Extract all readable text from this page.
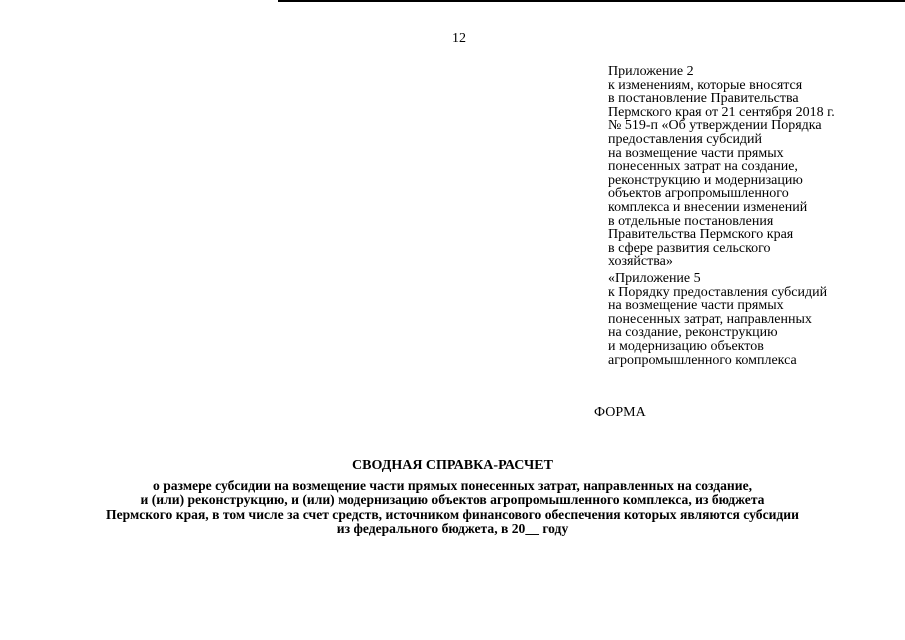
12
Приложение 2
к изменениям, которые вносятся
в постановление Правительства
Пермского края от 21 сентября 2018 г.
№ 519-п «Об утверждении Порядка
предоставления субсидий
на возмещение части прямых
понесенных затрат на создание,
реконструкцию и модернизацию
объектов агропромышленного
комплекса и внесении изменений
в отдельные постановления
Правительства Пермского края
в сфере развития сельского
хозяйства»
«Приложение 5
к Порядку предоставления субсидий
на возмещение части прямых
понесенных затрат, направленных
на создание, реконструкцию
и модернизацию объектов
агропромышленного комплекса
ФОРМА
СВОДНАЯ СПРАВКА-РАСЧЕТ
о размере субсидии на возмещение части прямых понесенных затрат, направленных на создание,
и (или) реконструкцию, и (или) модернизацию объектов агропромышленного комплекса, из бюджета
Пермского края, в том числе за счет средств, источником финансового обеспечения которых являются субсидии
из федерального бюджета, в 20__ году
